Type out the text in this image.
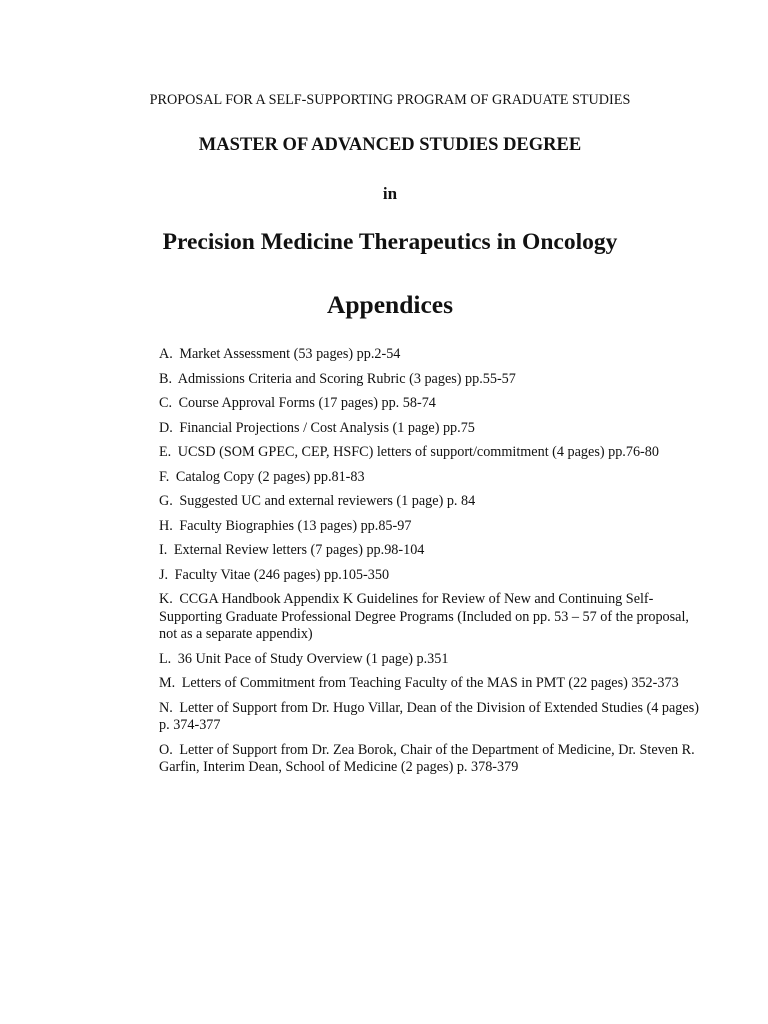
PROPOSAL FOR A SELF-SUPPORTING PROGRAM OF GRADUATE STUDIES
MASTER OF ADVANCED STUDIES DEGREE
in
Precision Medicine Therapeutics in Oncology
Appendices
A. Market Assessment (53 pages) pp.2-54
B. Admissions Criteria and Scoring Rubric (3 pages) pp.55-57
C. Course Approval Forms (17 pages) pp. 58-74
D. Financial Projections / Cost Analysis (1 page) pp.75
E. UCSD (SOM GPEC, CEP, HSFC) letters of support/commitment (4 pages) pp.76-80
F. Catalog Copy (2 pages) pp.81-83
G. Suggested UC and external reviewers (1 page) p. 84
H. Faculty Biographies (13 pages) pp.85-97
I. External Review letters (7 pages) pp.98-104
J. Faculty Vitae (246 pages) pp.105-350
K. CCGA Handbook Appendix K Guidelines for Review of New and Continuing Self-Supporting Graduate Professional Degree Programs (Included on pp. 53 – 57 of the proposal, not as a separate appendix)
L. 36 Unit Pace of Study Overview (1 page) p.351
M. Letters of Commitment from Teaching Faculty of the MAS in PMT (22 pages) 352-373
N. Letter of Support from Dr. Hugo Villar, Dean of the Division of Extended Studies (4 pages) p. 374-377
O. Letter of Support from Dr. Zea Borok, Chair of the Department of Medicine, Dr. Steven R. Garfin, Interim Dean, School of Medicine (2 pages) p. 378-379
